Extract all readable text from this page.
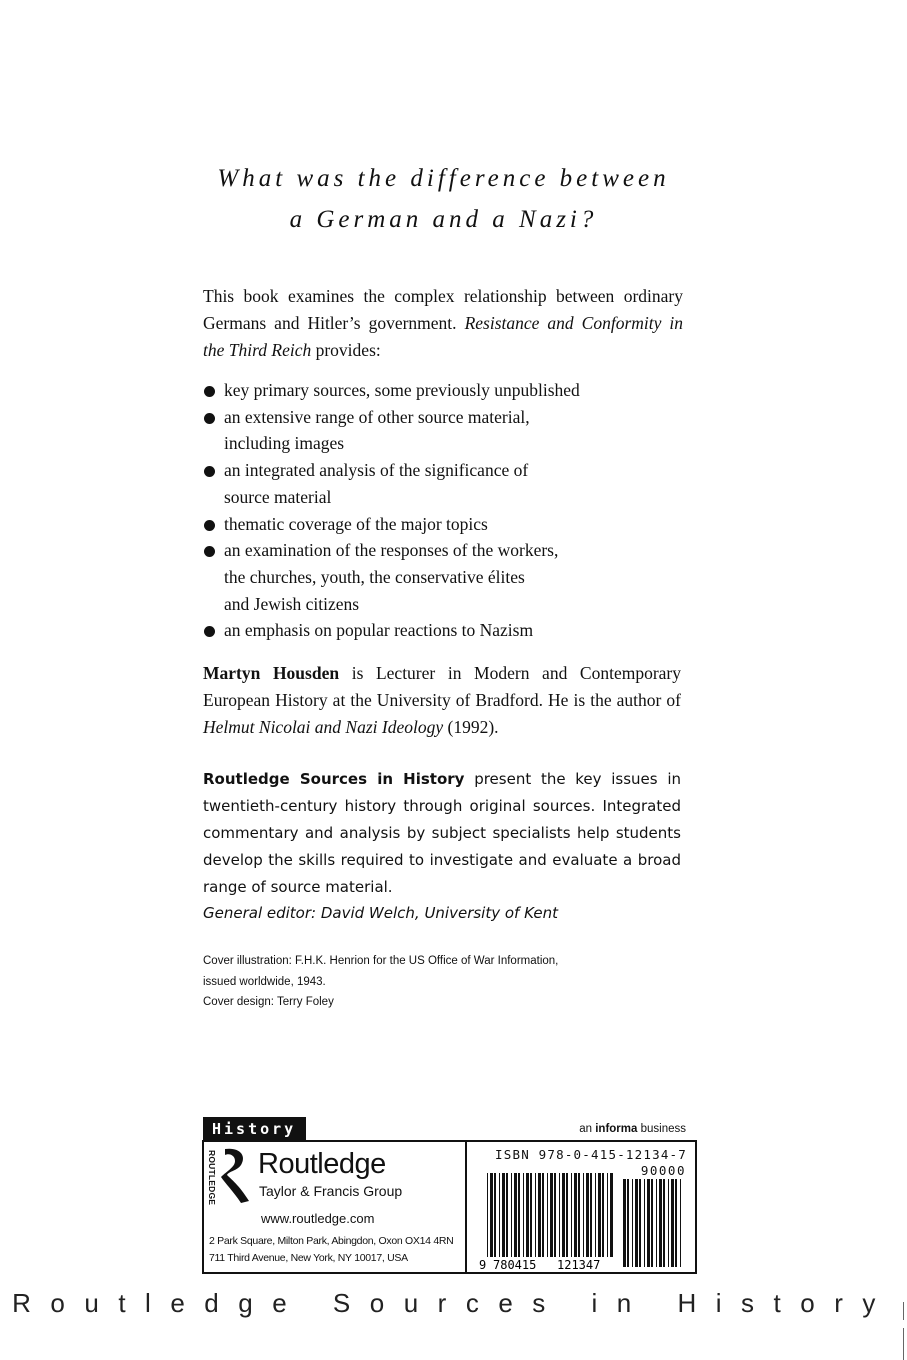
What was the difference between
a German and a Nazi?
This book examines the complex relationship between ordinary Germans and Hitler’s government. Resistance and Conformity in the Third Reich provides:
key primary sources, some previously unpublished
an extensive range of other source material,
including images
an integrated analysis of the significance of
source material
thematic coverage of the major topics
an examination of the responses of the workers,
the churches, youth, the conservative élites
and Jewish citizens
an emphasis on popular reactions to Nazism
Martyn Housden is Lecturer in Modern and Contemporary European History at the University of Bradford. He is the author of Helmut Nicolai and Nazi Ideology (1992).
Routledge Sources in History present the key issues in twentieth-century history through original sources. Integrated commentary and analysis by subject specialists help students develop the skills required to investigate and evaluate a broad range of source material.
General editor: David Welch, University of Kent
Cover illustration: F.H.K. Henrion for the US Office of War Information,
issued worldwide, 1943.
Cover design: Terry Foley
History	an informa business
ROUTLEDGE Routledge
Taylor & Francis Group
www.routledge.com
2 Park Square, Milton Park, Abingdon, Oxon OX14 4RN
711 Third Avenue, New York, NY 10017, USA
ISBN 978-0-415-12134-7
90000
9 780415 121347
Routledge Sources in History
